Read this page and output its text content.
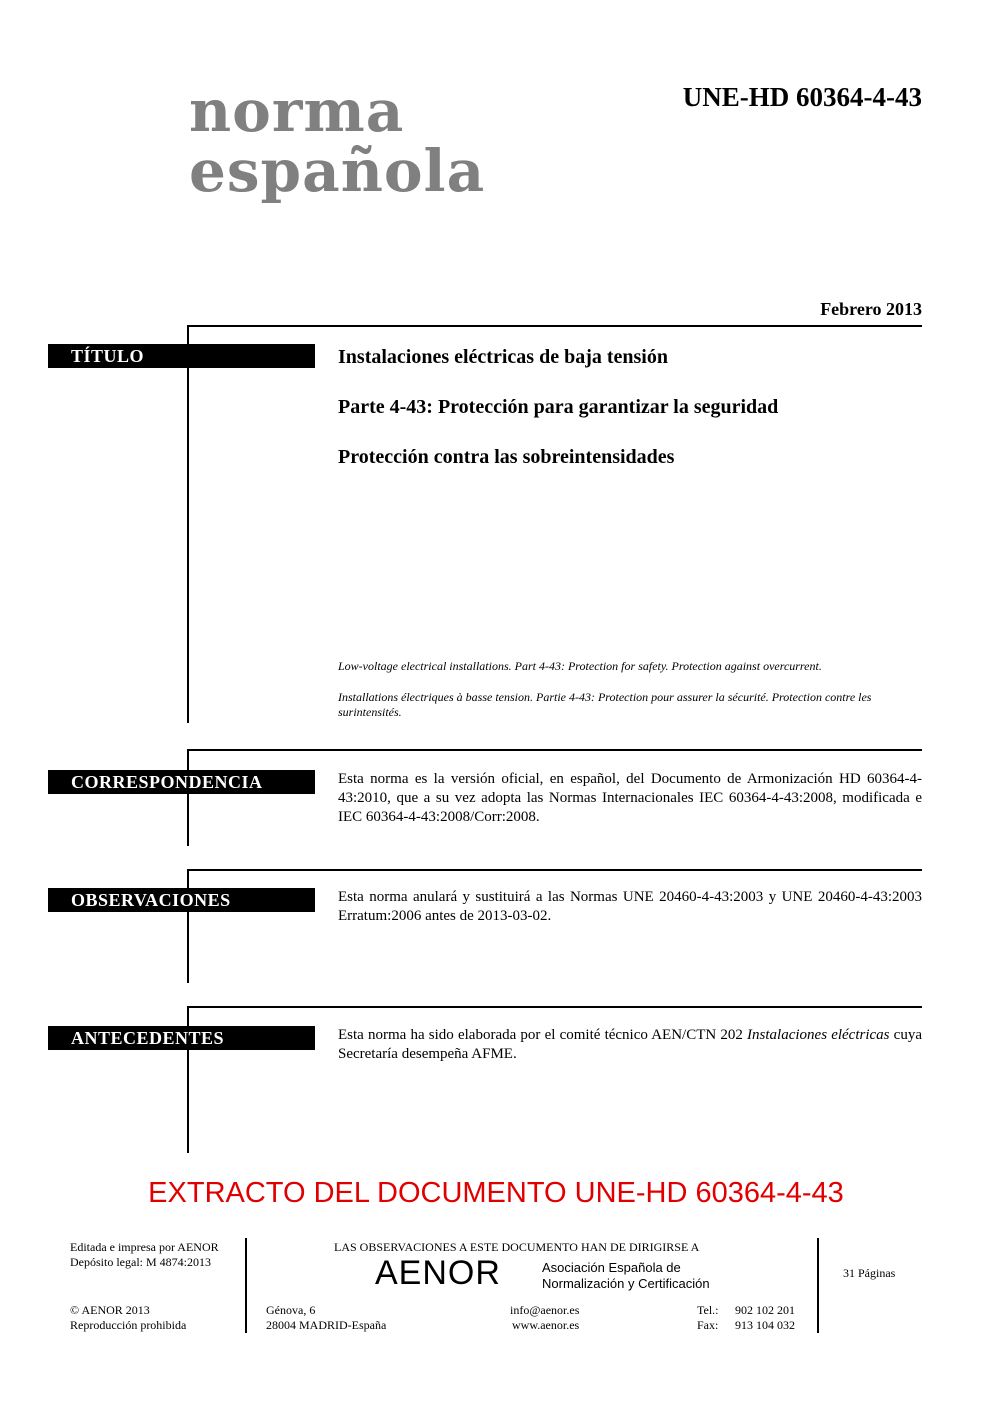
norma
española
UNE-HD 60364-4-43
Febrero 2013
TÍTULO	Instalaciones eléctricas de baja tensión
Parte 4-43: Protección para garantizar la seguridad
Protección contra las sobreintensidades
Low-voltage electrical installations. Part 4-43: Protection for safety. Protection against overcurrent.
Installations électriques à basse tension. Partie 4-43: Protection pour assurer la sécurité. Protection contre les surintensités.
CORRESPONDENCIA	Esta norma es la versión oficial, en español, del Documento de Armonización HD 60364-4-43:2010, que a su vez adopta las Normas Internacionales IEC 60364-4-43:2008, modificada e IEC 60364-4-43:2008/Corr:2008.
OBSERVACIONES	Esta norma anulará y sustituirá a las Normas UNE 20460-4-43:2003 y UNE 20460-4-43:2003 Erratum:2006 antes de 2013-03-02.
ANTECEDENTES	Esta norma ha sido elaborada por el comité técnico AEN/CTN 202 Instalaciones eléctricas cuya Secretaría desempeña AFME.
EXTRACTO DEL DOCUMENTO UNE-HD 60364-4-43
Editada e impresa por AENOR
Depósito legal: M 4874:2013
© AENOR 2013
Reproducción prohibida
LAS OBSERVACIONES A ESTE DOCUMENTO HAN DE DIRIGIRSE A
AENOR	Asociación Española de
Normalización y Certificación
Génova, 6
28004 MADRID-España
info@aenor.es
www.aenor.es
Tel.: 902 102 201
Fax: 913 104 032
31 Páginas
